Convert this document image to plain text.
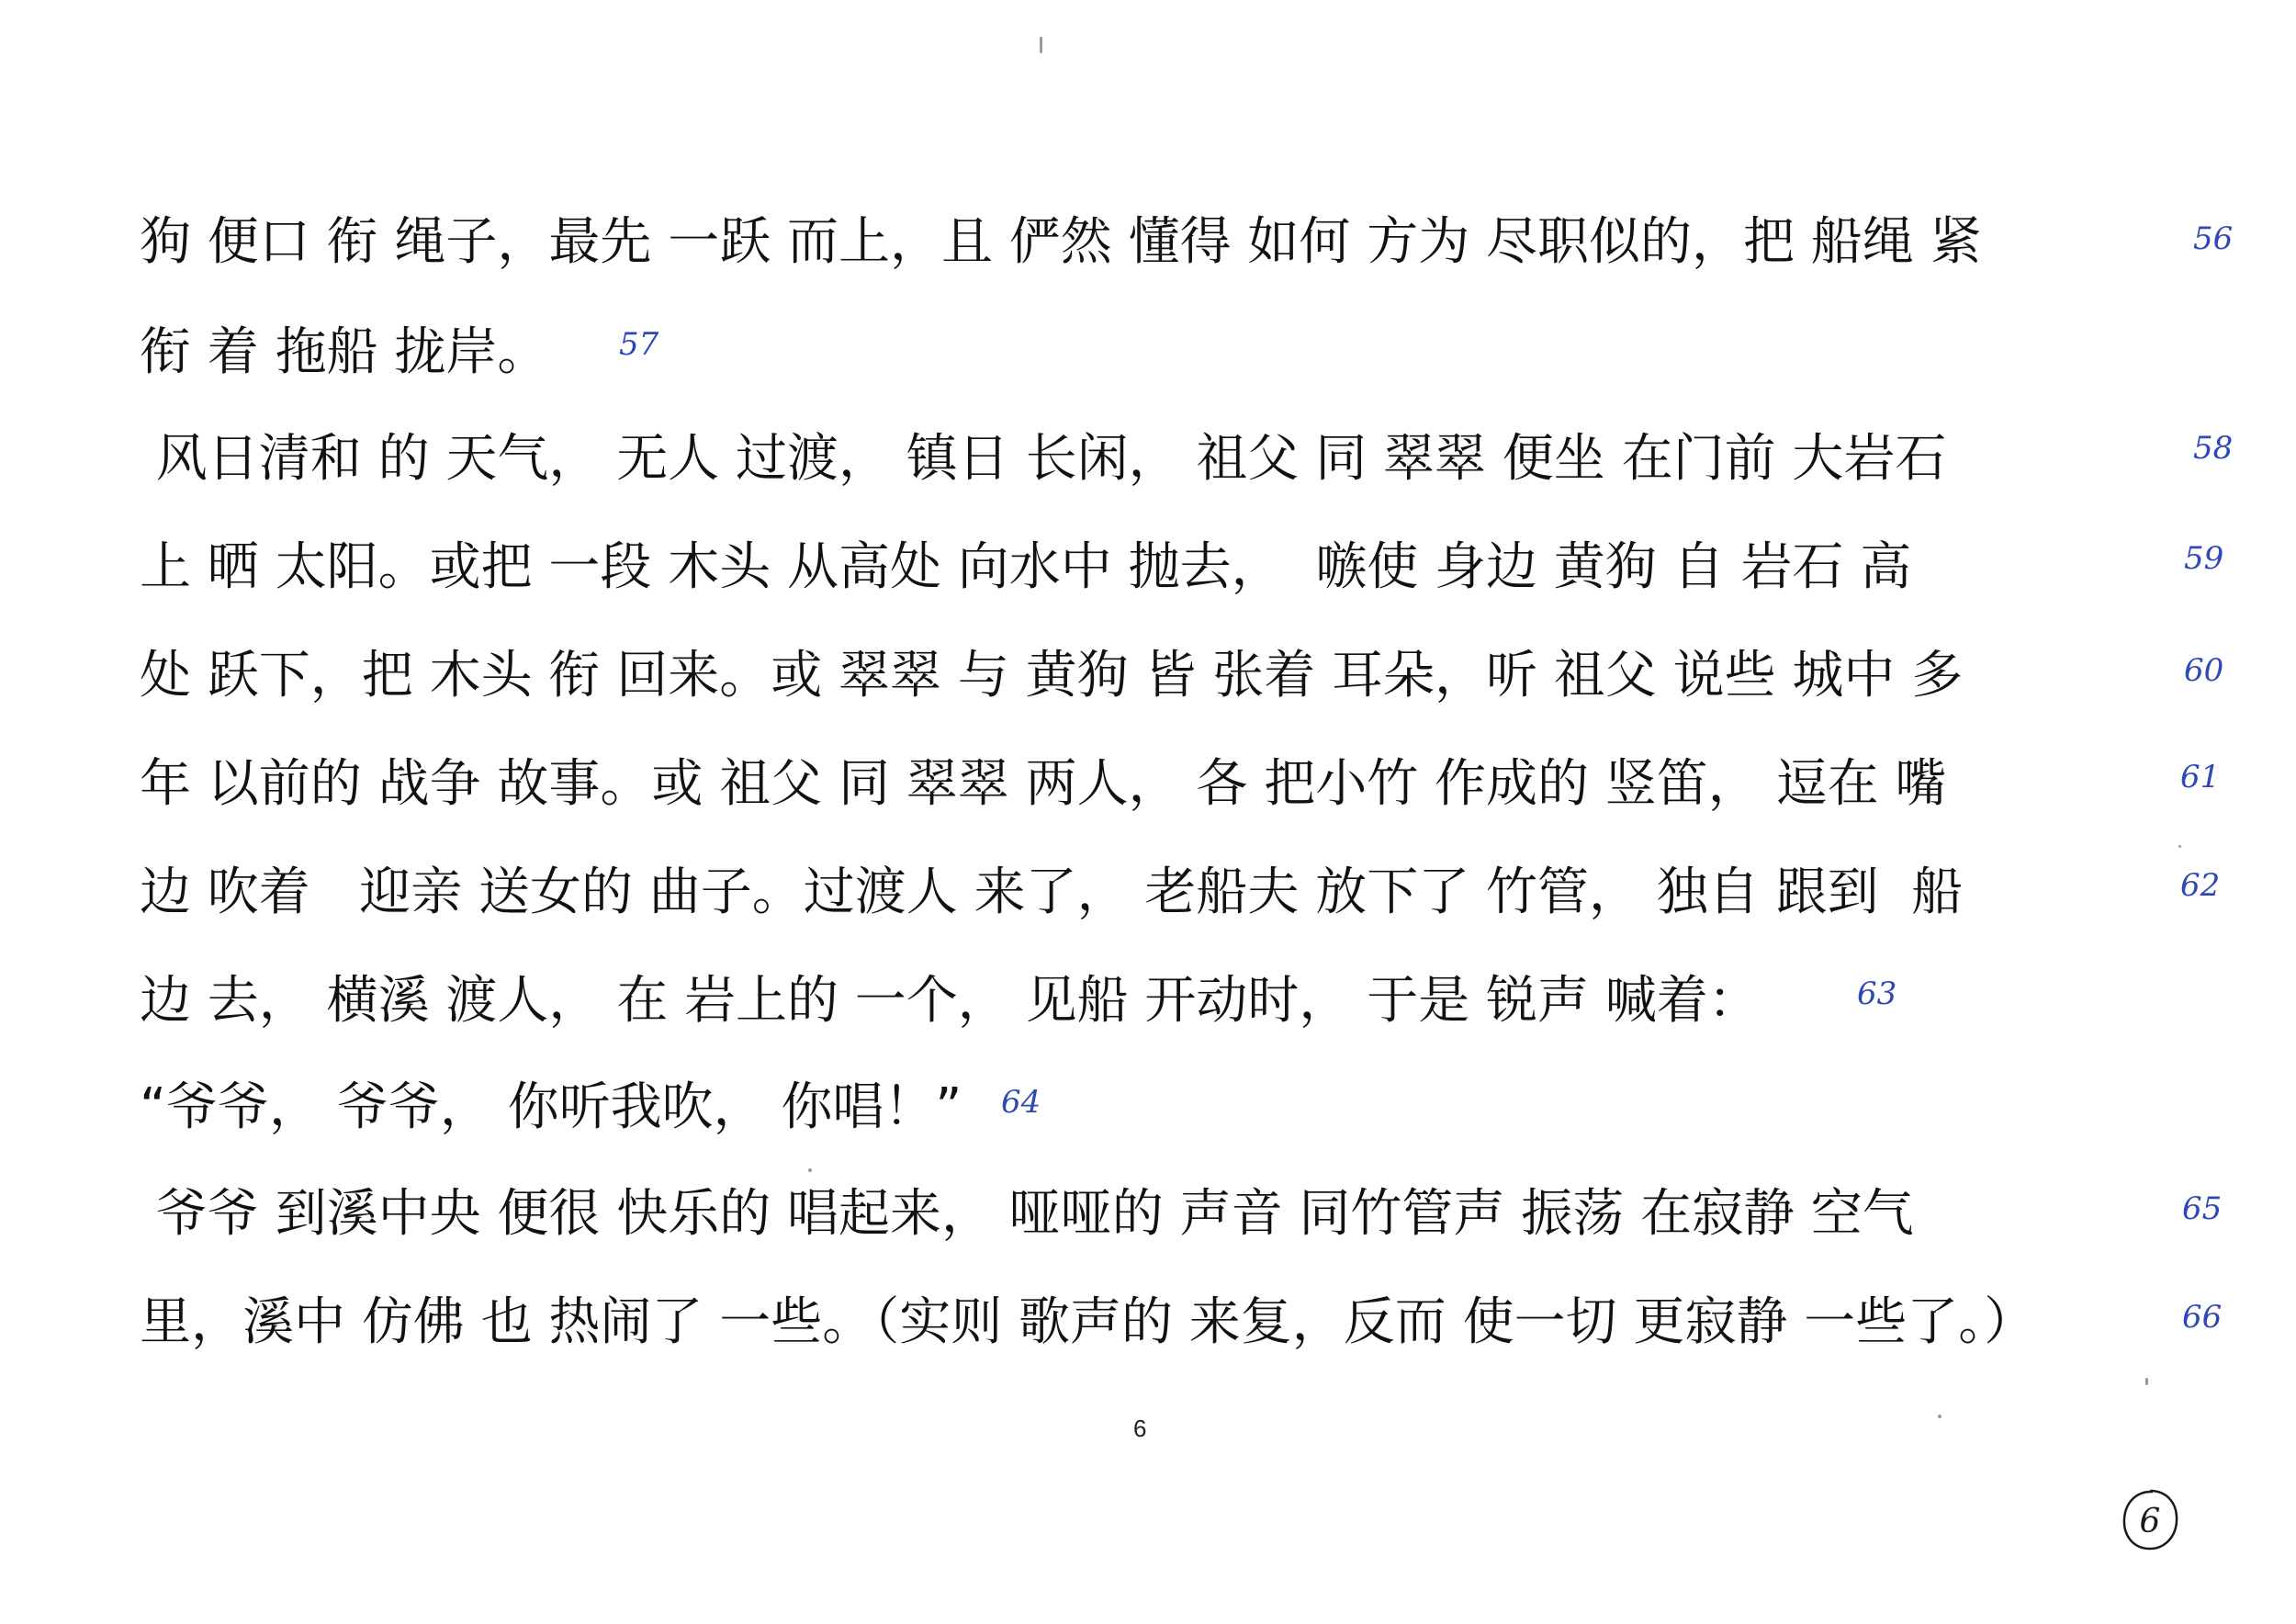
狗 便口 衔 绳子，最先 一跃 而上，且 俨然 懂得 如何 方为 尽职似的，把 船绳 紧	56
衔 着 拖船 拢岸。 57
风日清和 的 天气， 无人 过渡， 镇日 长闲， 祖父 同 翠翠 便坐 在门前 大岩石	58
上 晒 太阳。或把 一段 木头 从高处 向水中 抛去，  嗾使 身边 黄狗 自 岩石 高	59
处 跃下，把 木头 衔 回来。或 翠翠 与 黄狗 皆 张着 耳朵，听 祖父 说些 城中 多	60
年 以前的 战争 故事。或 祖父 同 翠翠 两人， 各 把小竹 作成的 竖笛， 逗在 嘴	61
边 吹着   迎亲 送女的 曲子。过渡人 来了， 老船夫 放下了 竹管， 独自 跟到  船	62
边 去， 横溪 渡人， 在 岩上的 一个， 见船 开动时， 于是 锐声 喊着：	63
“爷爷， 爷爷， 你听我吹， 你唱！” 64
爷爷 到溪中央 便很 快乐的 唱起来， 哑哑的 声音 同竹管声 振荡 在寂静 空气	65
里，溪中 仿佛 也 热闹了 一些。（实则 歌声的 来复，反而 使一切 更寂静 一些了。）	66
6
6
